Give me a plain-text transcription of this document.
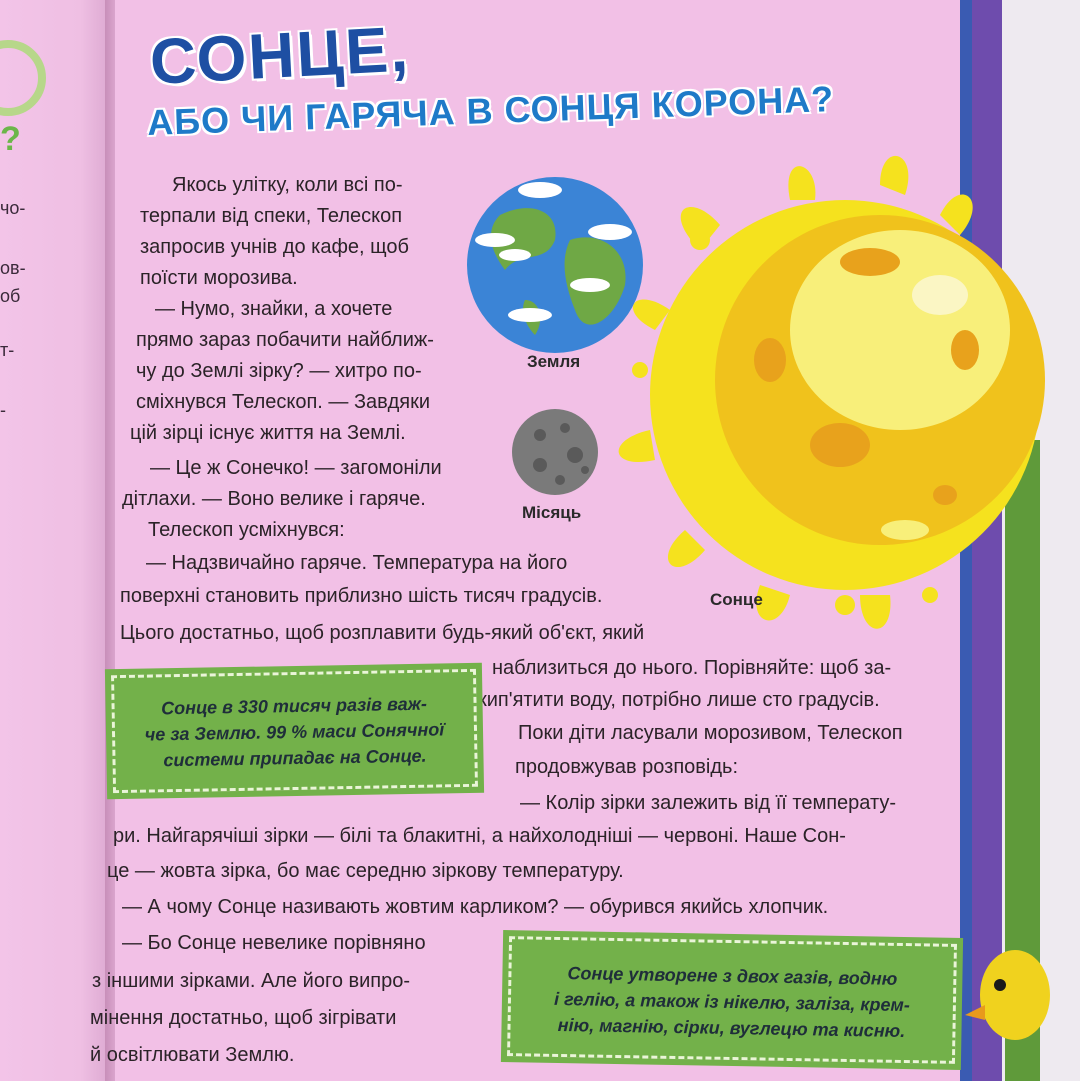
?
чо-
ов-
об
т-
-
СОНЦЕ,
АБО ЧИ ГАРЯЧА В СОНЦЯ КОРОНА?
Земля
Місяць
Сонце
Якось улітку, коли всі по-
терпали від спеки, Телескоп
запросив учнів до кафе, щоб
поїсти морозива.
— Нумо, знайки, а хочете
прямо зараз побачити найближ-
чу до Землі зірку? — хитро по-
сміхнувся Телескоп. — Завдяки
цій зірці існує життя на Землі.
— Це ж Сонечко! — загомоніли
дітлахи. — Воно велике і гаряче.
Телескоп усміхнувся:
— Надзвичайно гаряче. Температура на його
поверхні становить приблизно шість тисяч градусів.
Цього достатньо, щоб розплавити будь-який об'єкт, який
наблизиться до нього. Порівняйте: щоб за-
кип'ятити воду, потрібно лише сто градусів.
Поки діти ласували морозивом, Телескоп
продовжував розповідь:
— Колір зірки залежить від її температу-
ри. Найгарячіші зірки — білі та блакитні, а найхолодніші — червоні. Наше Сон-
це — жовта зірка, бо має середню зіркову температуру.
— А чому Сонце називають жовтим карликом? — обурився якийсь хлопчик.
— Бо Сонце невелике порівняно
з іншими зірками. Але його випро-
мінення достатньо, щоб зігрівати
й освітлювати Землю.
Сонце в 330 тисяч разів важ-
че за Землю. 99 % маси Сонячної
системи припадає на Сонце.
Сонце утворене з двох газів, водню
і гелію, а також із нікелю, заліза, крем-
нію, магнію, сірки, вуглецю та кисню.
